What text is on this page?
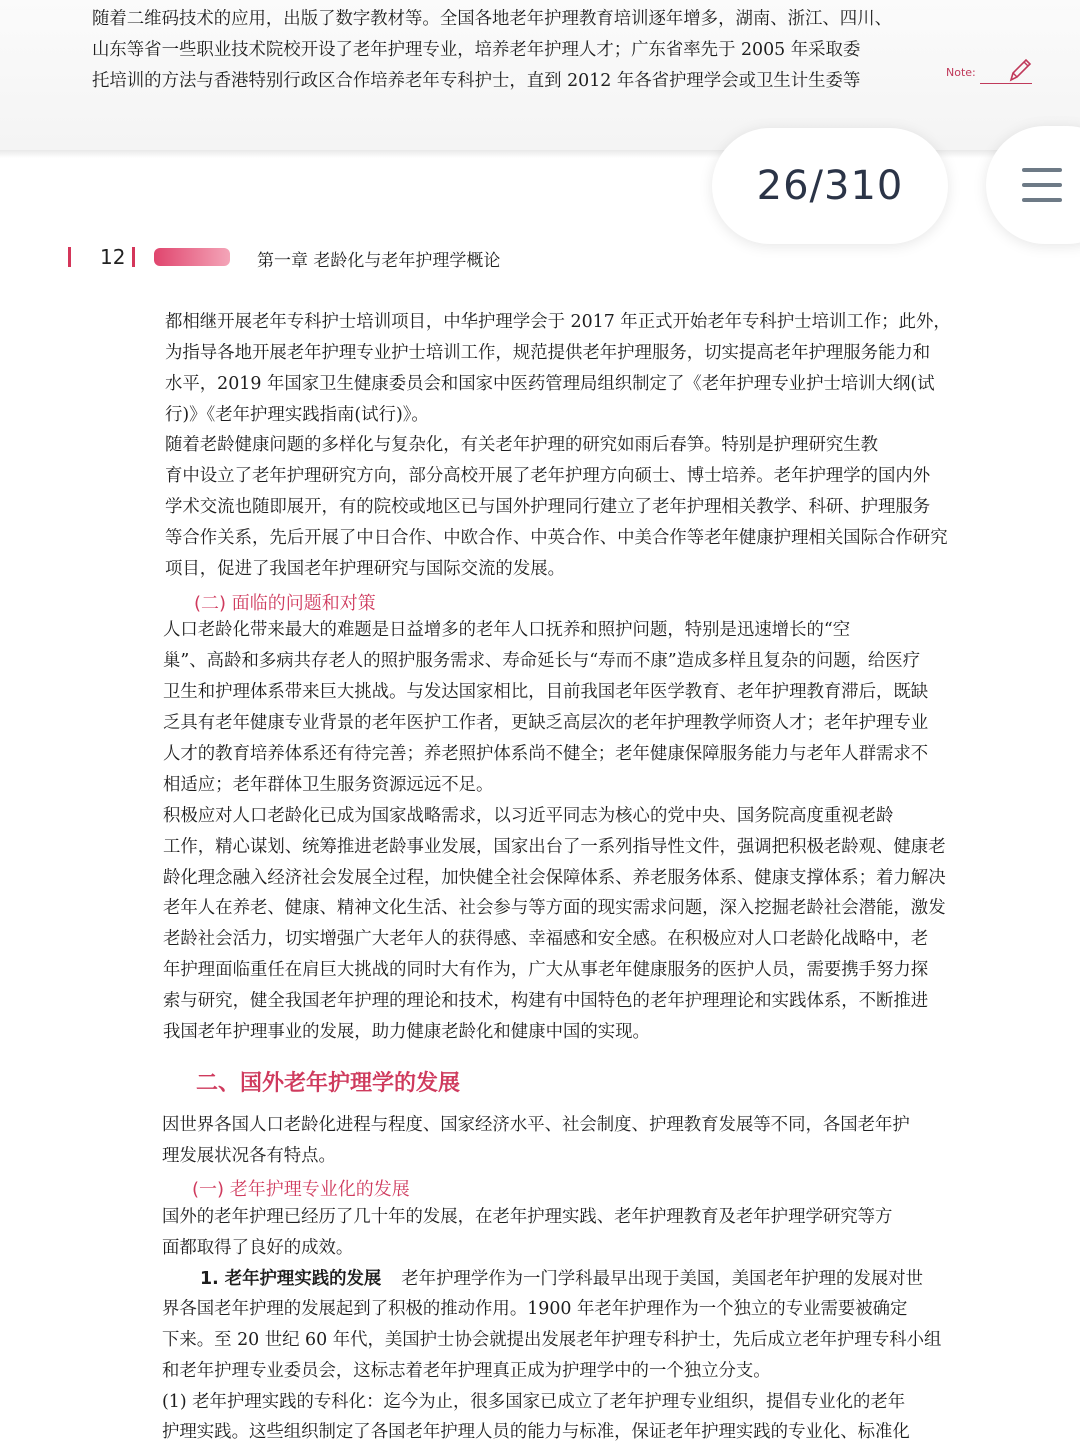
随着二维码技术的应用，出版了数字教材等。全国各地老年护理教育培训逐年增多，湖南、浙江、四川、
山东等省一些职业技术院校开设了老年护理专业，培养老年护理人才；广东省率先于 2005 年采取委
托培训的方法与香港特别行政区合作培养老年专科护士，直到 2012 年各省护理学会或卫生计生委等	Note:
26/310
12	第一章 老龄化与老年护理学概论
都相继开展老年专科护士培训项目，中华护理学会于 2017 年正式开始老年专科护士培训工作；此外，
为指导各地开展老年护理专业护士培训工作，规范提供老年护理服务，切实提高老年护理服务能力和
水平，2019 年国家卫生健康委员会和国家中医药管理局组织制定了《老年护理专业护士培训大纲(试
行)》《老年护理实践指南(试行)》。
随着老龄健康问题的多样化与复杂化，有关老年护理的研究如雨后春笋。特别是护理研究生教
育中设立了老年护理研究方向，部分高校开展了老年护理方向硕士、博士培养。老年护理学的国内外
学术交流也随即展开，有的院校或地区已与国外护理同行建立了老年护理相关教学、科研、护理服务
等合作关系，先后开展了中日合作、中欧合作、中英合作、中美合作等老年健康护理相关国际合作研究
项目，促进了我国老年护理研究与国际交流的发展。
(二) 面临的问题和对策
人口老龄化带来最大的难题是日益增多的老年人口抚养和照护问题，特别是迅速增长的“空
巢”、高龄和多病共存老人的照护服务需求、寿命延长与“寿而不康”造成多样且复杂的问题，给医疗
卫生和护理体系带来巨大挑战。与发达国家相比，目前我国老年医学教育、老年护理教育滞后，既缺
乏具有老年健康专业背景的老年医护工作者，更缺乏高层次的老年护理教学师资人才；老年护理专业
人才的教育培养体系还有待完善；养老照护体系尚不健全；老年健康保障服务能力与老年人群需求不
相适应；老年群体卫生服务资源远远不足。
积极应对人口老龄化已成为国家战略需求，以习近平同志为核心的党中央、国务院高度重视老龄
工作，精心谋划、统筹推进老龄事业发展，国家出台了一系列指导性文件，强调把积极老龄观、健康老
龄化理念融入经济社会发展全过程，加快健全社会保障体系、养老服务体系、健康支撑体系；着力解决
老年人在养老、健康、精神文化生活、社会参与等方面的现实需求问题，深入挖掘老龄社会潜能，激发
老龄社会活力，切实增强广大老年人的获得感、幸福感和安全感。在积极应对人口老龄化战略中，老
年护理面临重任在肩巨大挑战的同时大有作为，广大从事老年健康服务的医护人员，需要携手努力探
索与研究，健全我国老年护理的理论和技术，构建有中国特色的老年护理理论和实践体系，不断推进
我国老年护理事业的发展，助力健康老龄化和健康中国的实现。
二、国外老年护理学的发展
因世界各国人口老龄化进程与程度、国家经济水平、社会制度、护理教育发展等不同，各国老年护
理发展状况各有特点。
(一) 老年护理专业化的发展
国外的老年护理已经历了几十年的发展，在老年护理实践、老年护理教育及老年护理学研究等方
面都取得了良好的成效。
1. 老年护理实践的发展 老年护理学作为一门学科最早出现于美国，美国老年护理的发展对世
界各国老年护理的发展起到了积极的推动作用。1900 年老年护理作为一个独立的专业需要被确定
下来。至 20 世纪 60 年代，美国护士协会就提出发展老年护理专科护士，先后成立老年护理专科小组
和老年护理专业委员会，这标志着老年护理真正成为护理学中的一个独立分支。
(1) 老年护理实践的专科化：迄今为止，很多国家已成立了老年护理专业组织，提倡专业化的老年
护理实践。这些组织制定了各国老年护理人员的能力与标准，保证老年护理实践的专业化、标准化
